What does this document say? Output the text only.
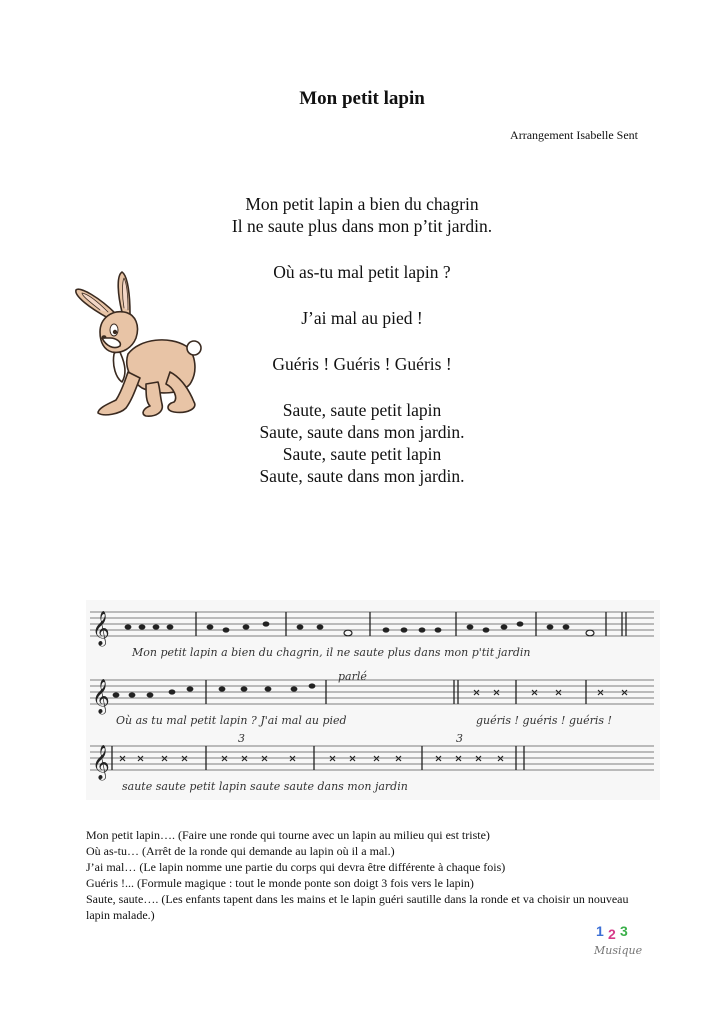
Mon petit lapin
Arrangement Isabelle Sent
Mon petit lapin a bien du chagrin
Il ne saute plus dans mon p’tit jardin.
Où as-tu mal petit lapin ?
J’ai mal au pied !
Guéris ! Guéris ! Guéris !
Saute, saute petit lapin
Saute, saute dans mon jardin.
Saute, saute petit lapin
Saute, saute dans mon jardin.
𝄞
𝄞
𝄞
Mon petit lapin a bien du chagrin, il ne saute plus dans mon p'tit jardin
Où as tu mal petit lapin ? J'ai mal au pied
parlé
guéris ! guéris ! guéris !
saute saute petit lapin saute saute dans mon jardin
3	3
Mon petit lapin…. (Faire une ronde qui tourne avec un lapin au milieu qui est triste)
Où as-tu… (Arrêt de la ronde qui demande au lapin où il a mal.)
J’ai mal… (Le lapin nomme une partie du corps qui devra être différente à chaque fois)
Guéris !... (Formule magique : tout le monde ponte son doigt 3 fois vers le lapin)
Saute, saute…. (Les enfants tapent dans les mains et le lapin guéri sautille dans la ronde et va choisir un nouveau lapin malade.)
1 2 3
Musique
